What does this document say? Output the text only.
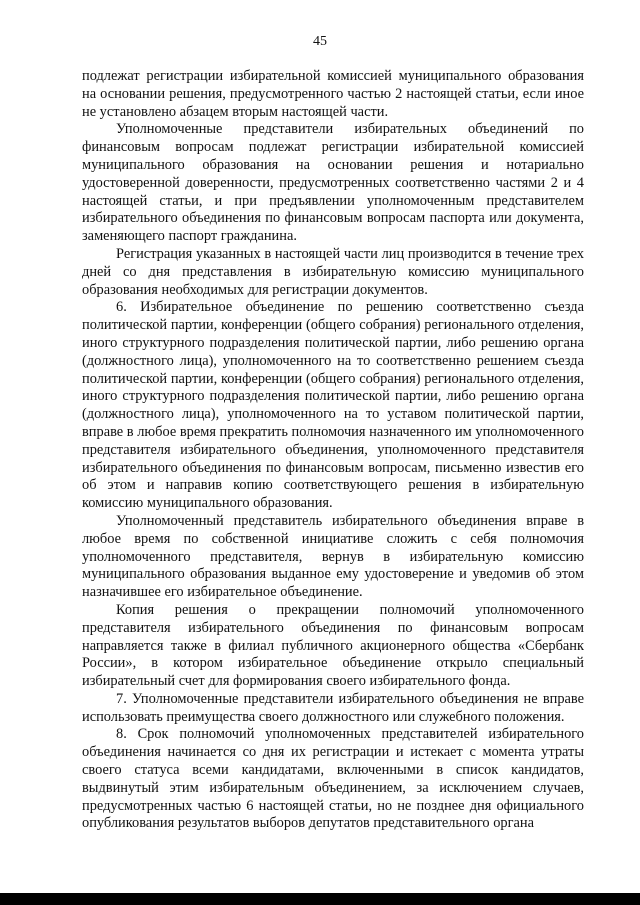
45

подлежат регистрации избирательной комиссией муниципального образования на основании решения, предусмотренного частью 2 настоящей статьи, если иное не установлено абзацем вторым настоящей части.

Уполномоченные представители избирательных объединений по финансовым вопросам подлежат регистрации избирательной комиссией муниципального образования на основании решения и нотариально удостоверенной доверенности, предусмотренных соответственно частями 2 и 4 настоящей статьи, и при предъявлении уполномоченным представителем избирательного объединения по финансовым вопросам паспорта или документа, заменяющего паспорт гражданина.

Регистрация указанных в настоящей части лиц производится в течение трех дней со дня представления в избирательную комиссию муниципального образования необходимых для регистрации документов.

6. Избирательное объединение по решению соответственно съезда политической партии, конференции (общего собрания) регионального отделения, иного структурного подразделения политической партии, либо решению органа (должностного лица), уполномоченного на то соответственно решением съезда политической партии, конференции (общего собрания) регионального отделения, иного структурного подразделения политической партии, либо решению органа (должностного лица), уполномоченного на то уставом политической партии, вправе в любое время прекратить полномочия назначенного им уполномоченного представителя избирательного объединения, уполномоченного представителя избирательного объединения по финансовым вопросам, письменно известив его об этом и направив копию соответствующего решения в избирательную комиссию муниципального образования.

Уполномоченный представитель избирательного объединения вправе в любое время по собственной инициативе сложить с себя полномочия уполномоченного представителя, вернув в избирательную комиссию муниципального образования выданное ему удостоверение и уведомив об этом назначившее его избирательное объединение.

Копия решения о прекращении полномочий уполномоченного представителя избирательного объединения по финансовым вопросам направляется также в филиал публичного акционерного общества «Сбербанк России», в котором избирательное объединение открыло специальный избирательный счет для формирования своего избирательного фонда.

7. Уполномоченные представители избирательного объединения не вправе использовать преимущества своего должностного или служебного положения.

8. Срок полномочий уполномоченных представителей избирательного объединения начинается со дня их регистрации и истекает с момента утраты своего статуса всеми кандидатами, включенными в список кандидатов, выдвинутый этим избирательным объединением, за исключением случаев, предусмотренных частью 6 настоящей статьи, но не позднее дня официального опубликования результатов выборов депутатов представительного органа
